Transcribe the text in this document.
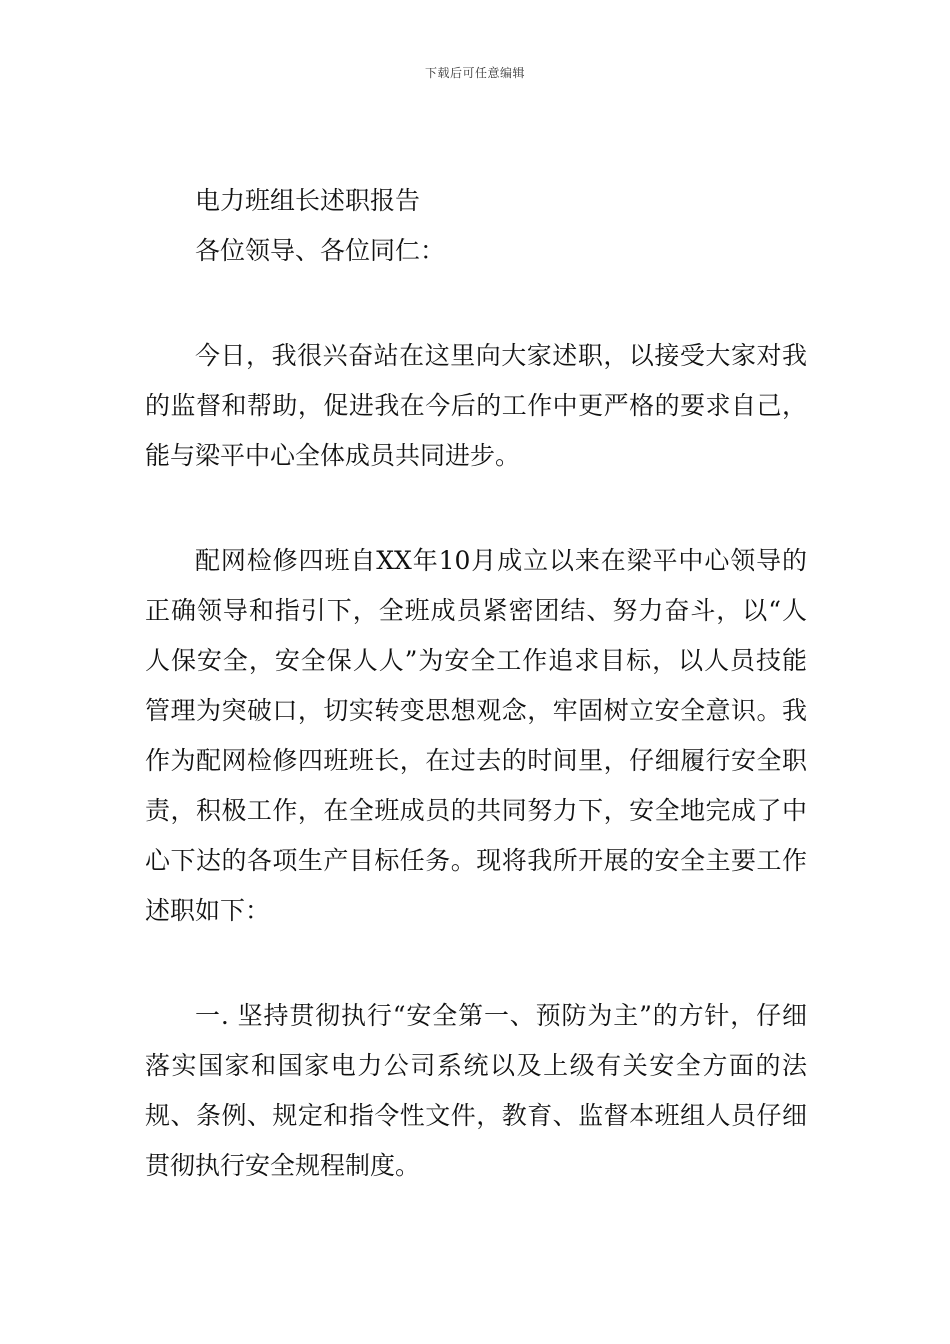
下载后可任意编辑
电力班组长述职报告
各位领导、各位同仁：

今日，我很兴奋站在这里向大家述职，以接受大家对我的监督和帮助，促进我在今后的工作中更严格的要求自己，能与梁平中心全体成员共同进步。

配网检修四班自XX年10月成立以来在梁平中心领导的正确领导和指引下，全班成员紧密团结、努力奋斗，以“人人保安全，安全保人人”为安全工作追求目标，以人员技能管理为突破口，切实转变思想观念，牢固树立安全意识。我作为配网检修四班班长，在过去的时间里，仔细履行安全职责，积极工作，在全班成员的共同努力下，安全地完成了中心下达的各项生产目标任务。现将我所开展的安全主要工作述职如下：

一. 坚持贯彻执行“安全第一、预防为主”的方针，仔细落实国家和国家电力公司系统以及上级有关安全方面的法规、条例、规定和指令性文件，教育、监督本班组人员仔细贯彻执行安全规程制度。
